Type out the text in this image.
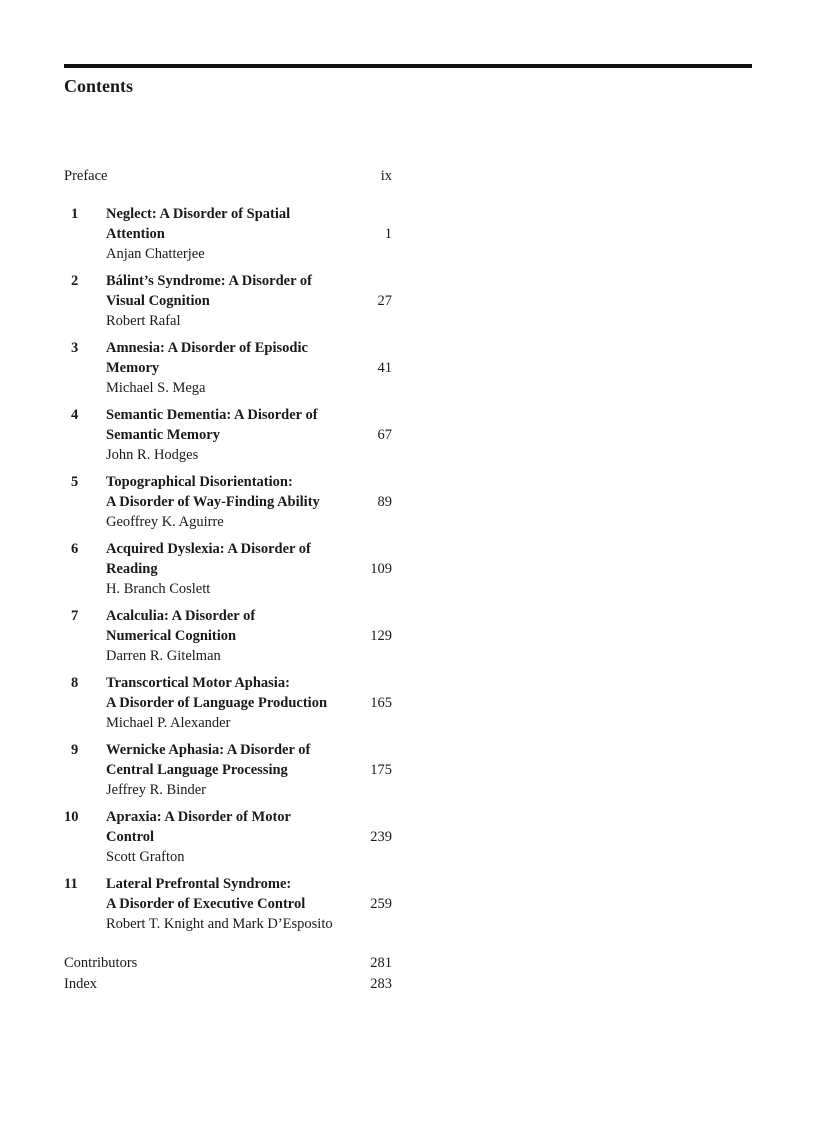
Contents
Preface	ix
1	Neglect: A Disorder of Spatial
Attention	1
Anjan Chatterjee
2	Bálint’s Syndrome: A Disorder of
Visual Cognition	27
Robert Rafal
3	Amnesia: A Disorder of Episodic
Memory	41
Michael S. Mega
4	Semantic Dementia: A Disorder of
Semantic Memory	67
John R. Hodges
5	Topographical Disorientation:
A Disorder of Way-Finding Ability	89
Geoffrey K. Aguirre
6	Acquired Dyslexia: A Disorder of
Reading	109
H. Branch Coslett
7	Acalculia: A Disorder of
Numerical Cognition	129
Darren R. Gitelman
8	Transcortical Motor Aphasia:
A Disorder of Language Production	165
Michael P. Alexander
9	Wernicke Aphasia: A Disorder of
Central Language Processing	175
Jeffrey R. Binder
10	Apraxia: A Disorder of Motor
Control	239
Scott Grafton
11	Lateral Prefrontal Syndrome:
A Disorder of Executive Control	259
Robert T. Knight and Mark D’Esposito
Contributors	281
Index	283
